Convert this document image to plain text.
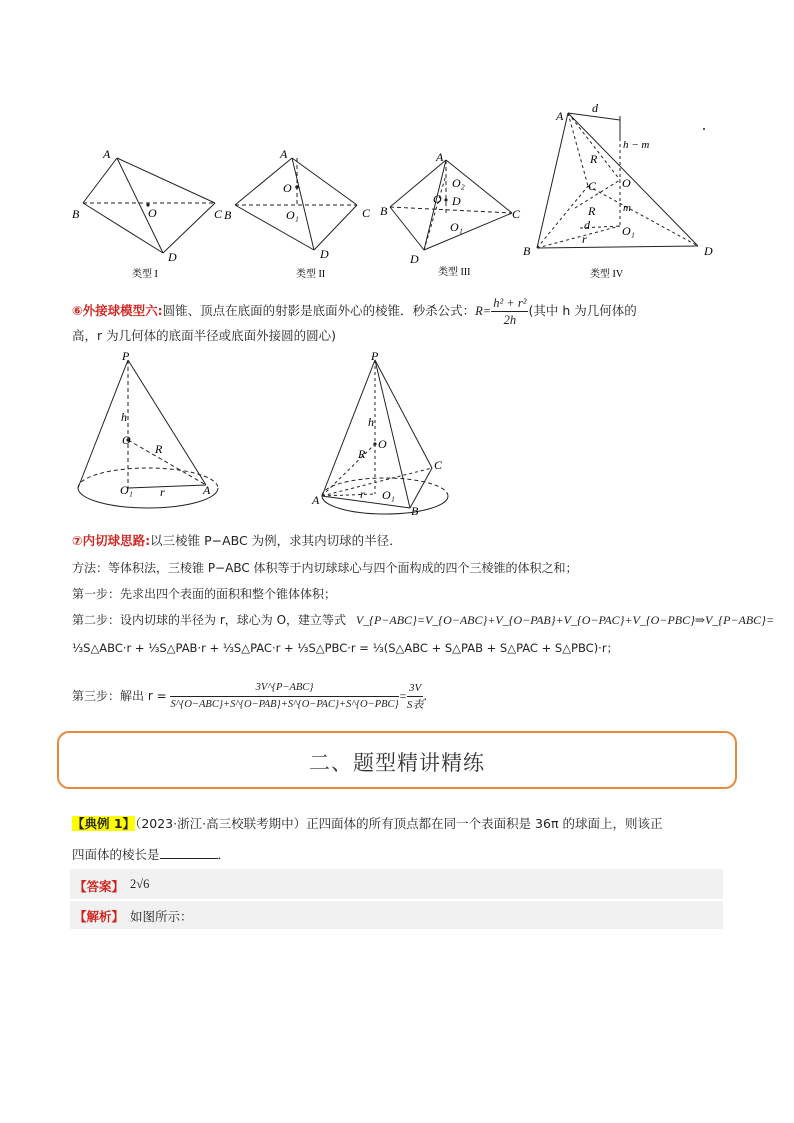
A
B	C
D
O
类型 I
A
B	C
D
O
O₁
类型 II
A
B	C
D
D
O
O₁
O₂
类型 III
A
B	D
C
d
h − m
R
O
m
R
d
r
O₁
类型 IV
⑥外接球模型六:圆锥、顶点在底面的射影是底面外心的棱锥．秒杀公式：$R= \frac{\text{h² + r²}}{2h}$ (其中 h 为几何体的
高，r 为几何体的底面半径或底面外接圆的圆心)
P
h
O
R
O₁ r	A
P
h
O
R
C
A	r O₁
B
⑦内切球思路:以三棱锥 P−ABC 为例，求其内切球的半径．
方法：等体积法，三棱锥 P−ABC 体积等于内切球球心与四个面构成的四个三棱锥的体积之和；
第一步：先求出四个表面的面积和整个锥体体积；
第二步：设内切球的半径为 r，球心为 O，建立等式 V_{P−ABC}=V_{O−ABC}+V_{O−PAB}+V_{O−PAC}+V_{O−PBC}⇒V_{P−ABC}=
⅓S△ABC·r + ⅓S△PAB·r + ⅓S△PAC·r + ⅓S△PBC·r = ⅓(S△ABC + S△PAB + S△PAC + S△PBC)·r；
第三步：解出 $r = \frac{\text{3V\textasciicircum{}\{P−ABC\}}}{\text{S\textasciicircum{}\{O−ABC\}+S\textasciicircum{}\{O−PAB\}+S\textasciicircum{}\{O−PAC\}+S\textasciicircum{}\{O−PBC\}}} = \frac{3V}{\text{S表}}$ .
二、题型精讲精练
【典例 1】（2023·浙江·高三校联考期中）正四面体的所有顶点都在同一个表面积是 36π 的球面上，则该正
四面体的棱长是	．
【答案】 2√6
【解析】 如图所示：
